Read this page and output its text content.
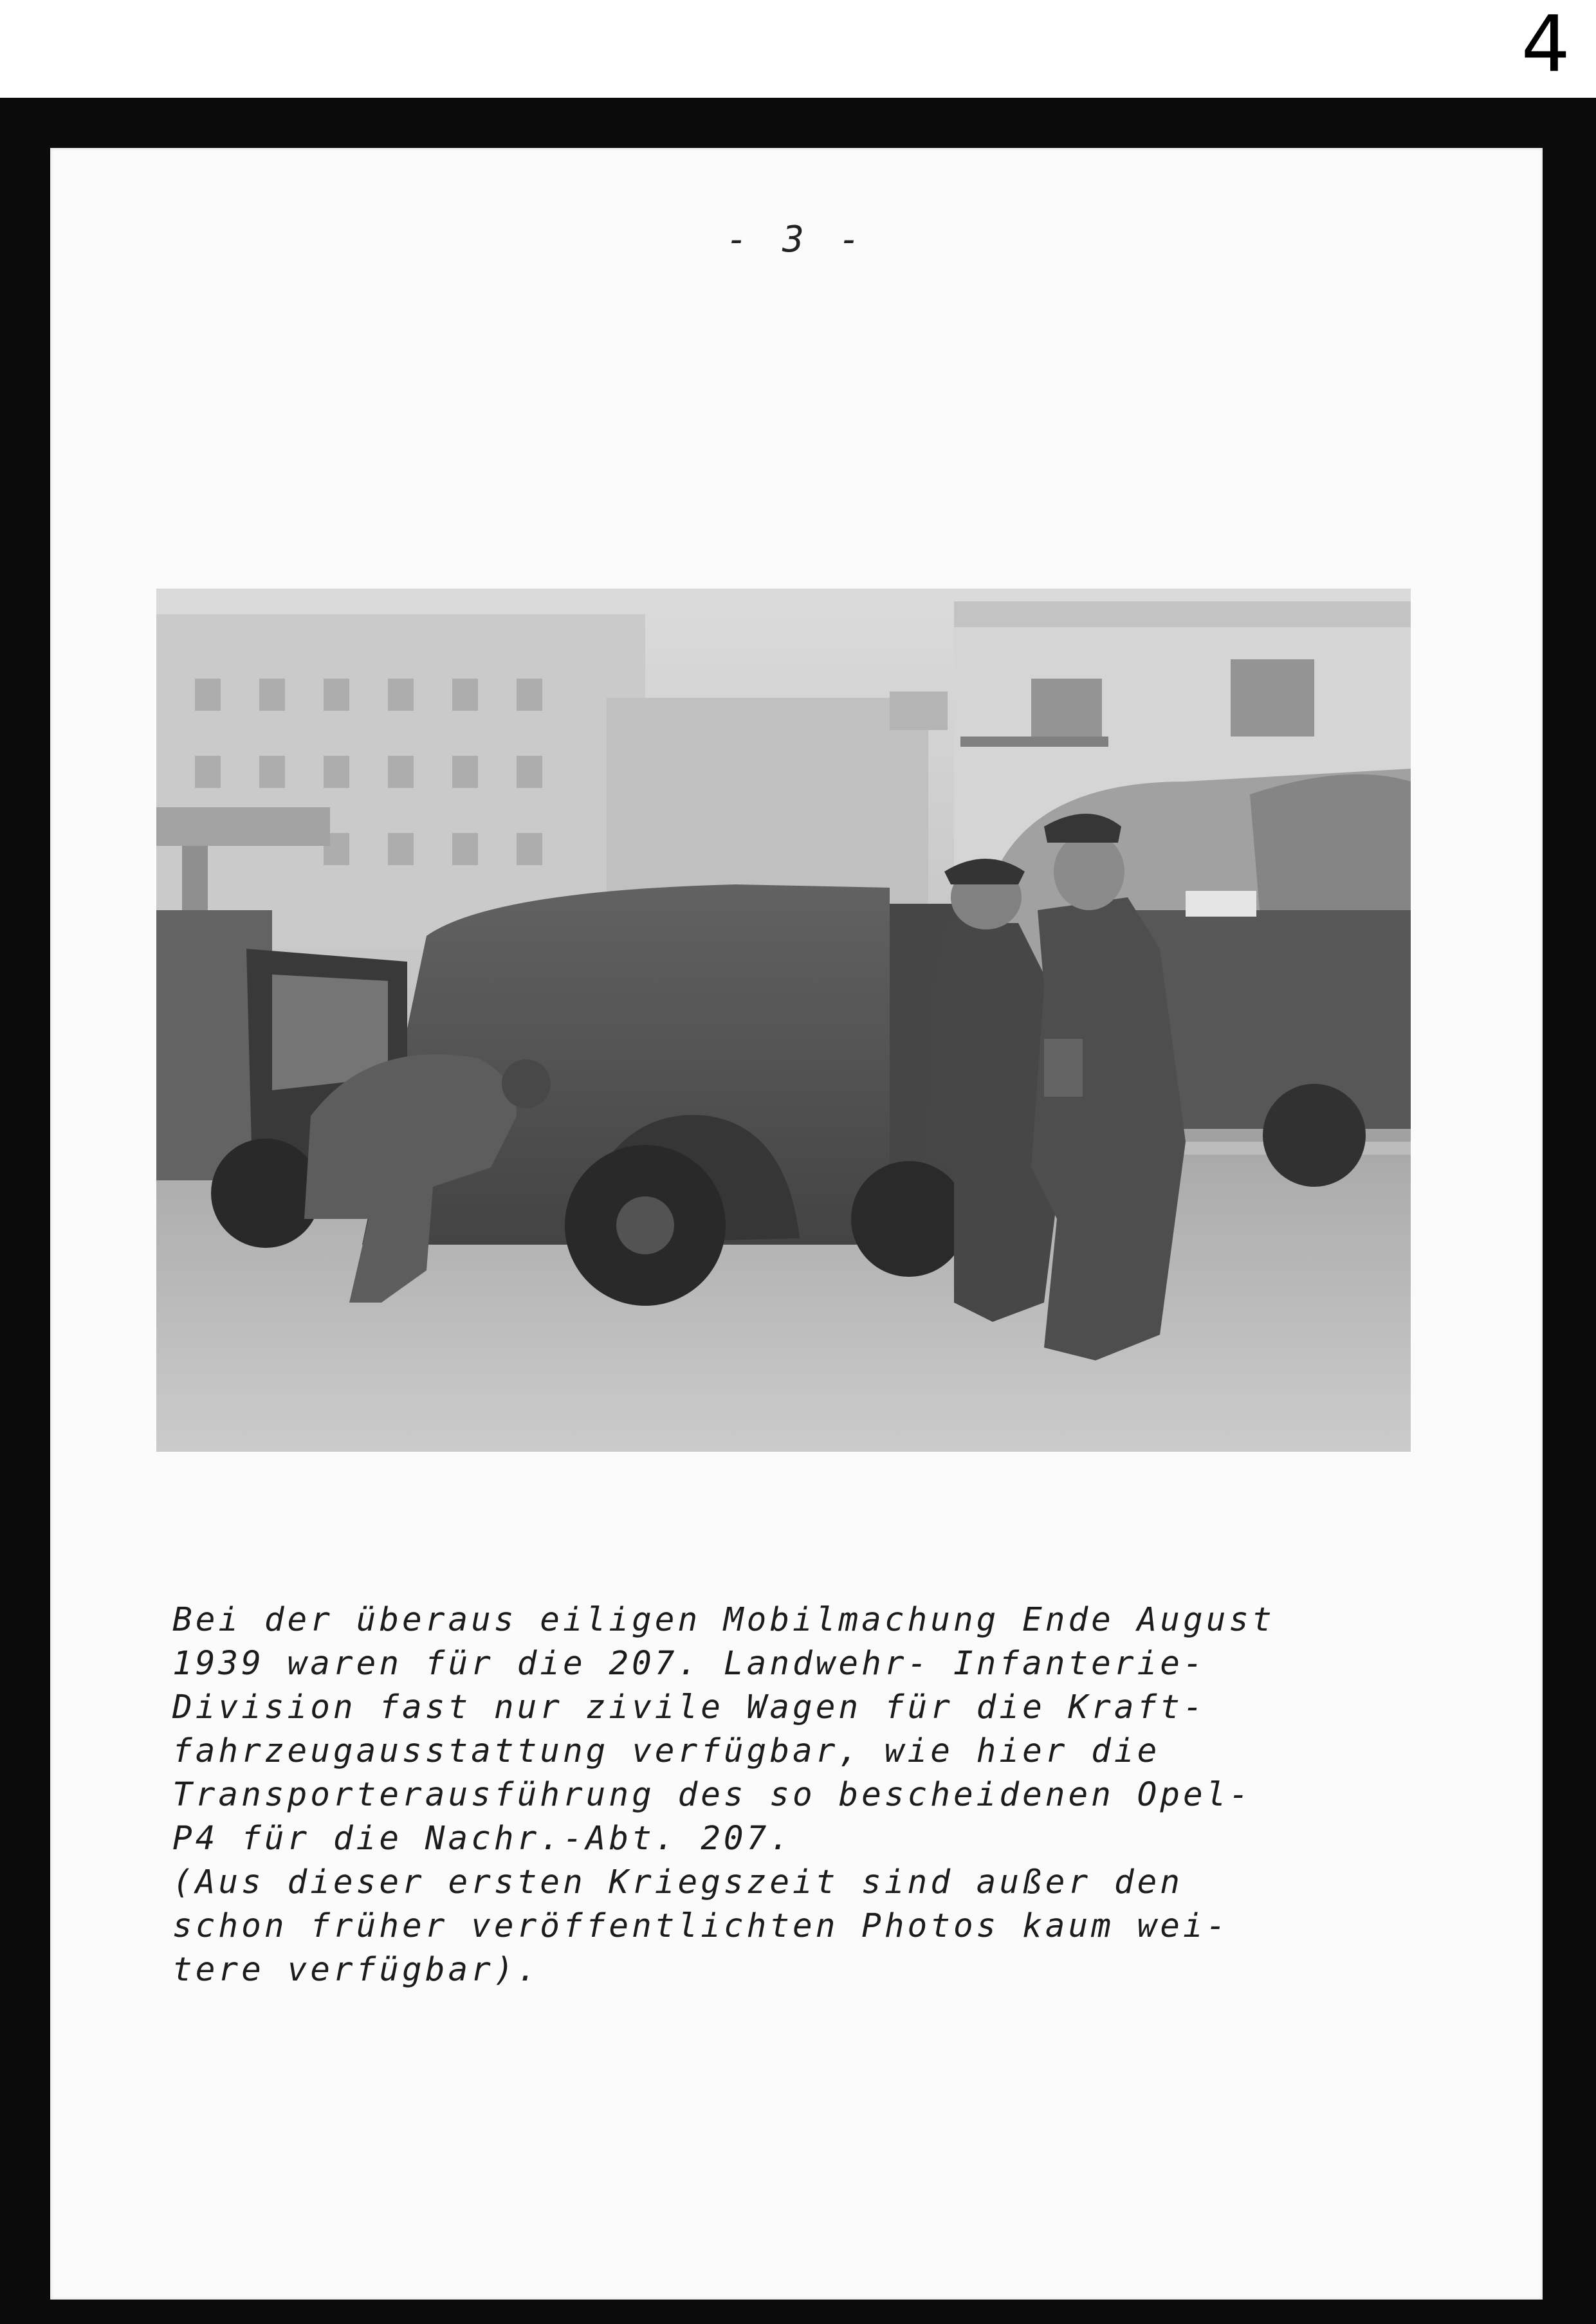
4
- 3 -
Bei der überaus eiligen Mobilmachung Ende August
1939 waren für die 207. Landwehr- Infanterie-
Division fast nur zivile Wagen für die Kraft-
fahrzeugausstattung verfügbar, wie hier die
Transporterausführung des so bescheidenen Opel-
P4 für die Nachr.-Abt. 207.
(Aus dieser ersten Kriegszeit sind außer den
schon früher veröffentlichten Photos kaum wei-
tere verfügbar).
